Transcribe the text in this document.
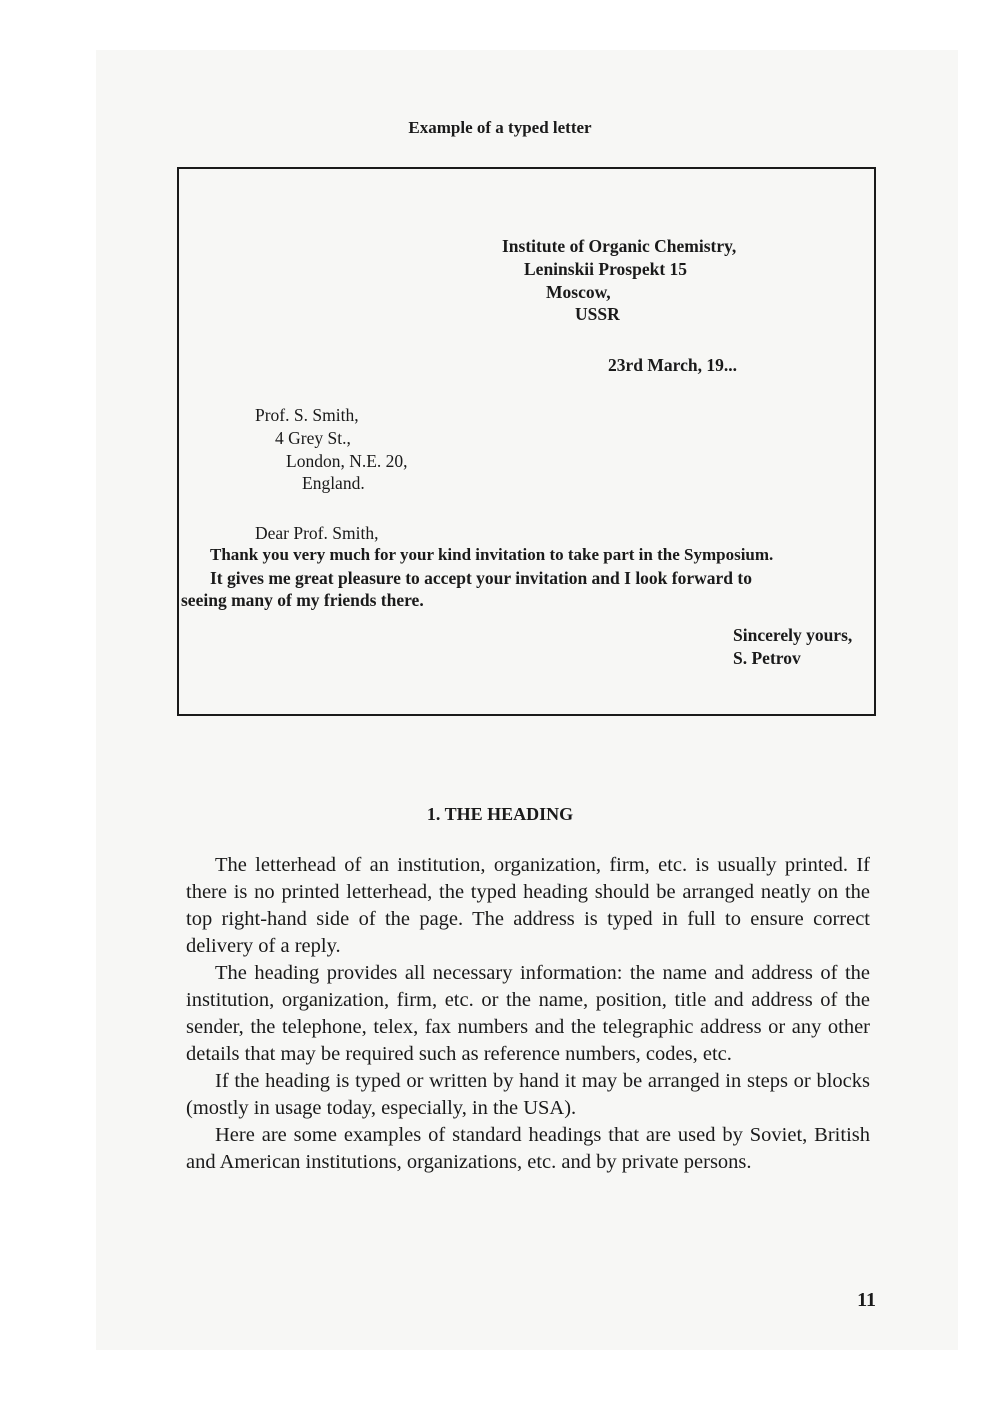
Example of a typed letter
Institute of Organic Chemistry,
Leninskii Prospekt 15
Moscow,
USSR
23rd March, 19...
Prof. S. Smith,
4 Grey St.,
London, N.E. 20,
England.
Dear Prof. Smith,
Thank you very much for your kind invitation to take part in the Symposium.
It gives me great pleasure to accept your invitation and I look forward to
seeing many of my friends there.
Sincerely yours,
S. Petrov
1. THE HEADING

The letterhead of an institution, organization, firm, etc. is usually printed. If there is no printed letterhead, the typed heading should be arranged neatly on the top right-hand side of the page. The address is typed in full to ensure correct delivery of a reply.

The heading provides all necessary information: the name and address of the institution, organization, firm, etc. or the name, position, title and address of the sender, the telephone, telex, fax numbers and the telegraphic address or any other details that may be required such as reference numbers, codes, etc.

If the heading is typed or written by hand it may be arranged in steps or blocks (mostly in usage today, especially, in the USA).

Here are some examples of standard headings that are used by Soviet, British and American institutions, organizations, etc. and by private persons.

11
